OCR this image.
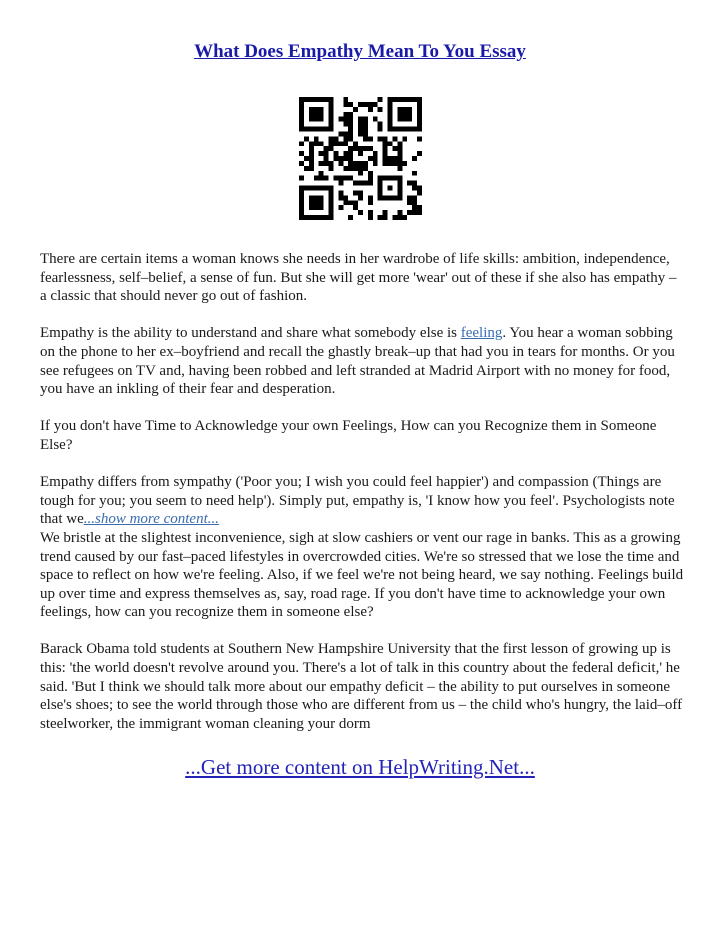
What Does Empathy Mean To You Essay

There are certain items a woman knows she needs in her wardrobe of life skills: ambition, independence, fearlessness, self–belief, a sense of fun. But she will get more 'wear' out of these if she also has empathy – a classic that should never go out of fashion.

Empathy is the ability to understand and share what somebody else is feeling. You hear a woman sobbing on the phone to her ex–boyfriend and recall the ghastly break–up that had you in tears for months. Or you see refugees on TV and, having been robbed and left stranded at Madrid Airport with no money for food, you have an inkling of their fear and desperation.

If you don't have Time to Acknowledge your own Feelings, How can you Recognize them in Someone Else?

Empathy differs from sympathy ('Poor you; I wish you could feel happier') and compassion (Things are tough for you; you seem to need help'). Simply put, empathy is, 'I know how you feel'. Psychologists note that we...show more content...

We bristle at the slightest inconvenience, sigh at slow cashiers or vent our rage in banks. This as a growing trend caused by our fast–paced lifestyles in overcrowded cities. We're so stressed that we lose the time and space to reflect on how we're feeling. Also, if we feel we're not being heard, we say nothing. Feelings build up over time and express themselves as, say, road rage. If you don't have time to acknowledge your own feelings, how can you recognize them in someone else?

Barack Obama told students at Southern New Hampshire University that the first lesson of growing up is this: 'the world doesn't revolve around you. There's a lot of talk in this country about the federal deficit,' he said. 'But I think we should talk more about our empathy deficit – the ability to put ourselves in someone else's shoes; to see the world through those who are different from us – the child who's hungry, the laid–off steelworker, the immigrant woman cleaning your dorm

...Get more content on HelpWriting.Net...
